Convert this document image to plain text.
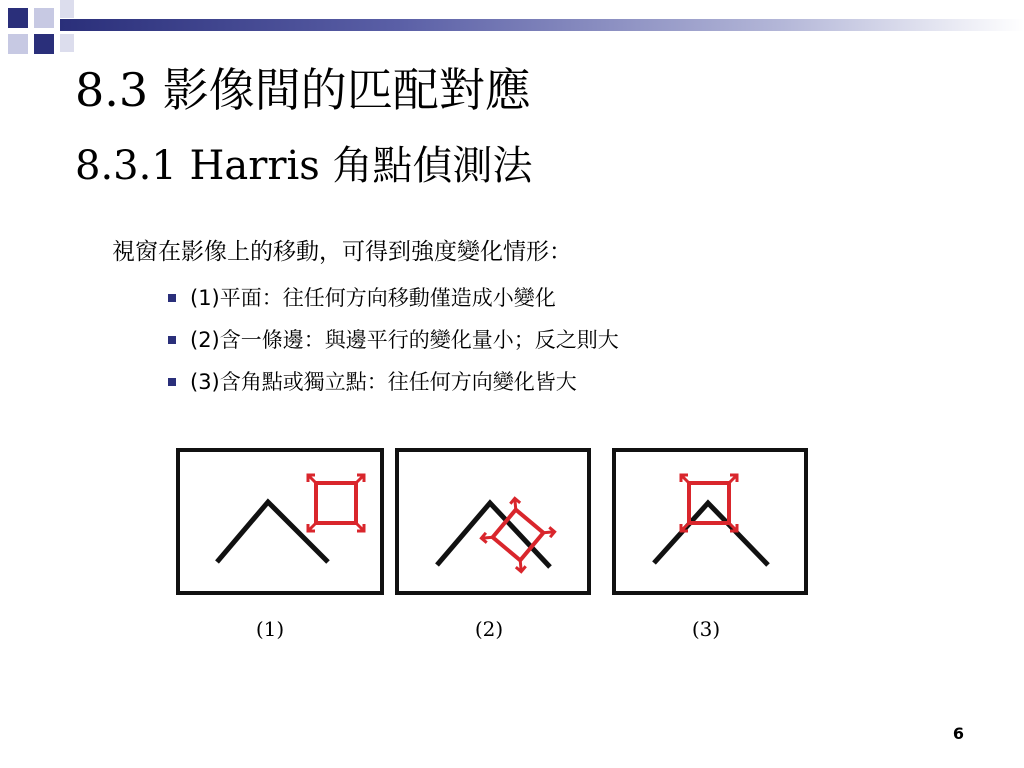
8.3 影像間的匹配對應
8.3.1 Harris 角點偵測法
視窗在影像上的移動，可得到強度變化情形：
(1)平面：往任何方向移動僅造成小變化
(2)含一條邊：與邊平行的變化量小；反之則大
(3)含角點或獨立點：往任何方向變化皆大
(1)	(2)	(3)
6
